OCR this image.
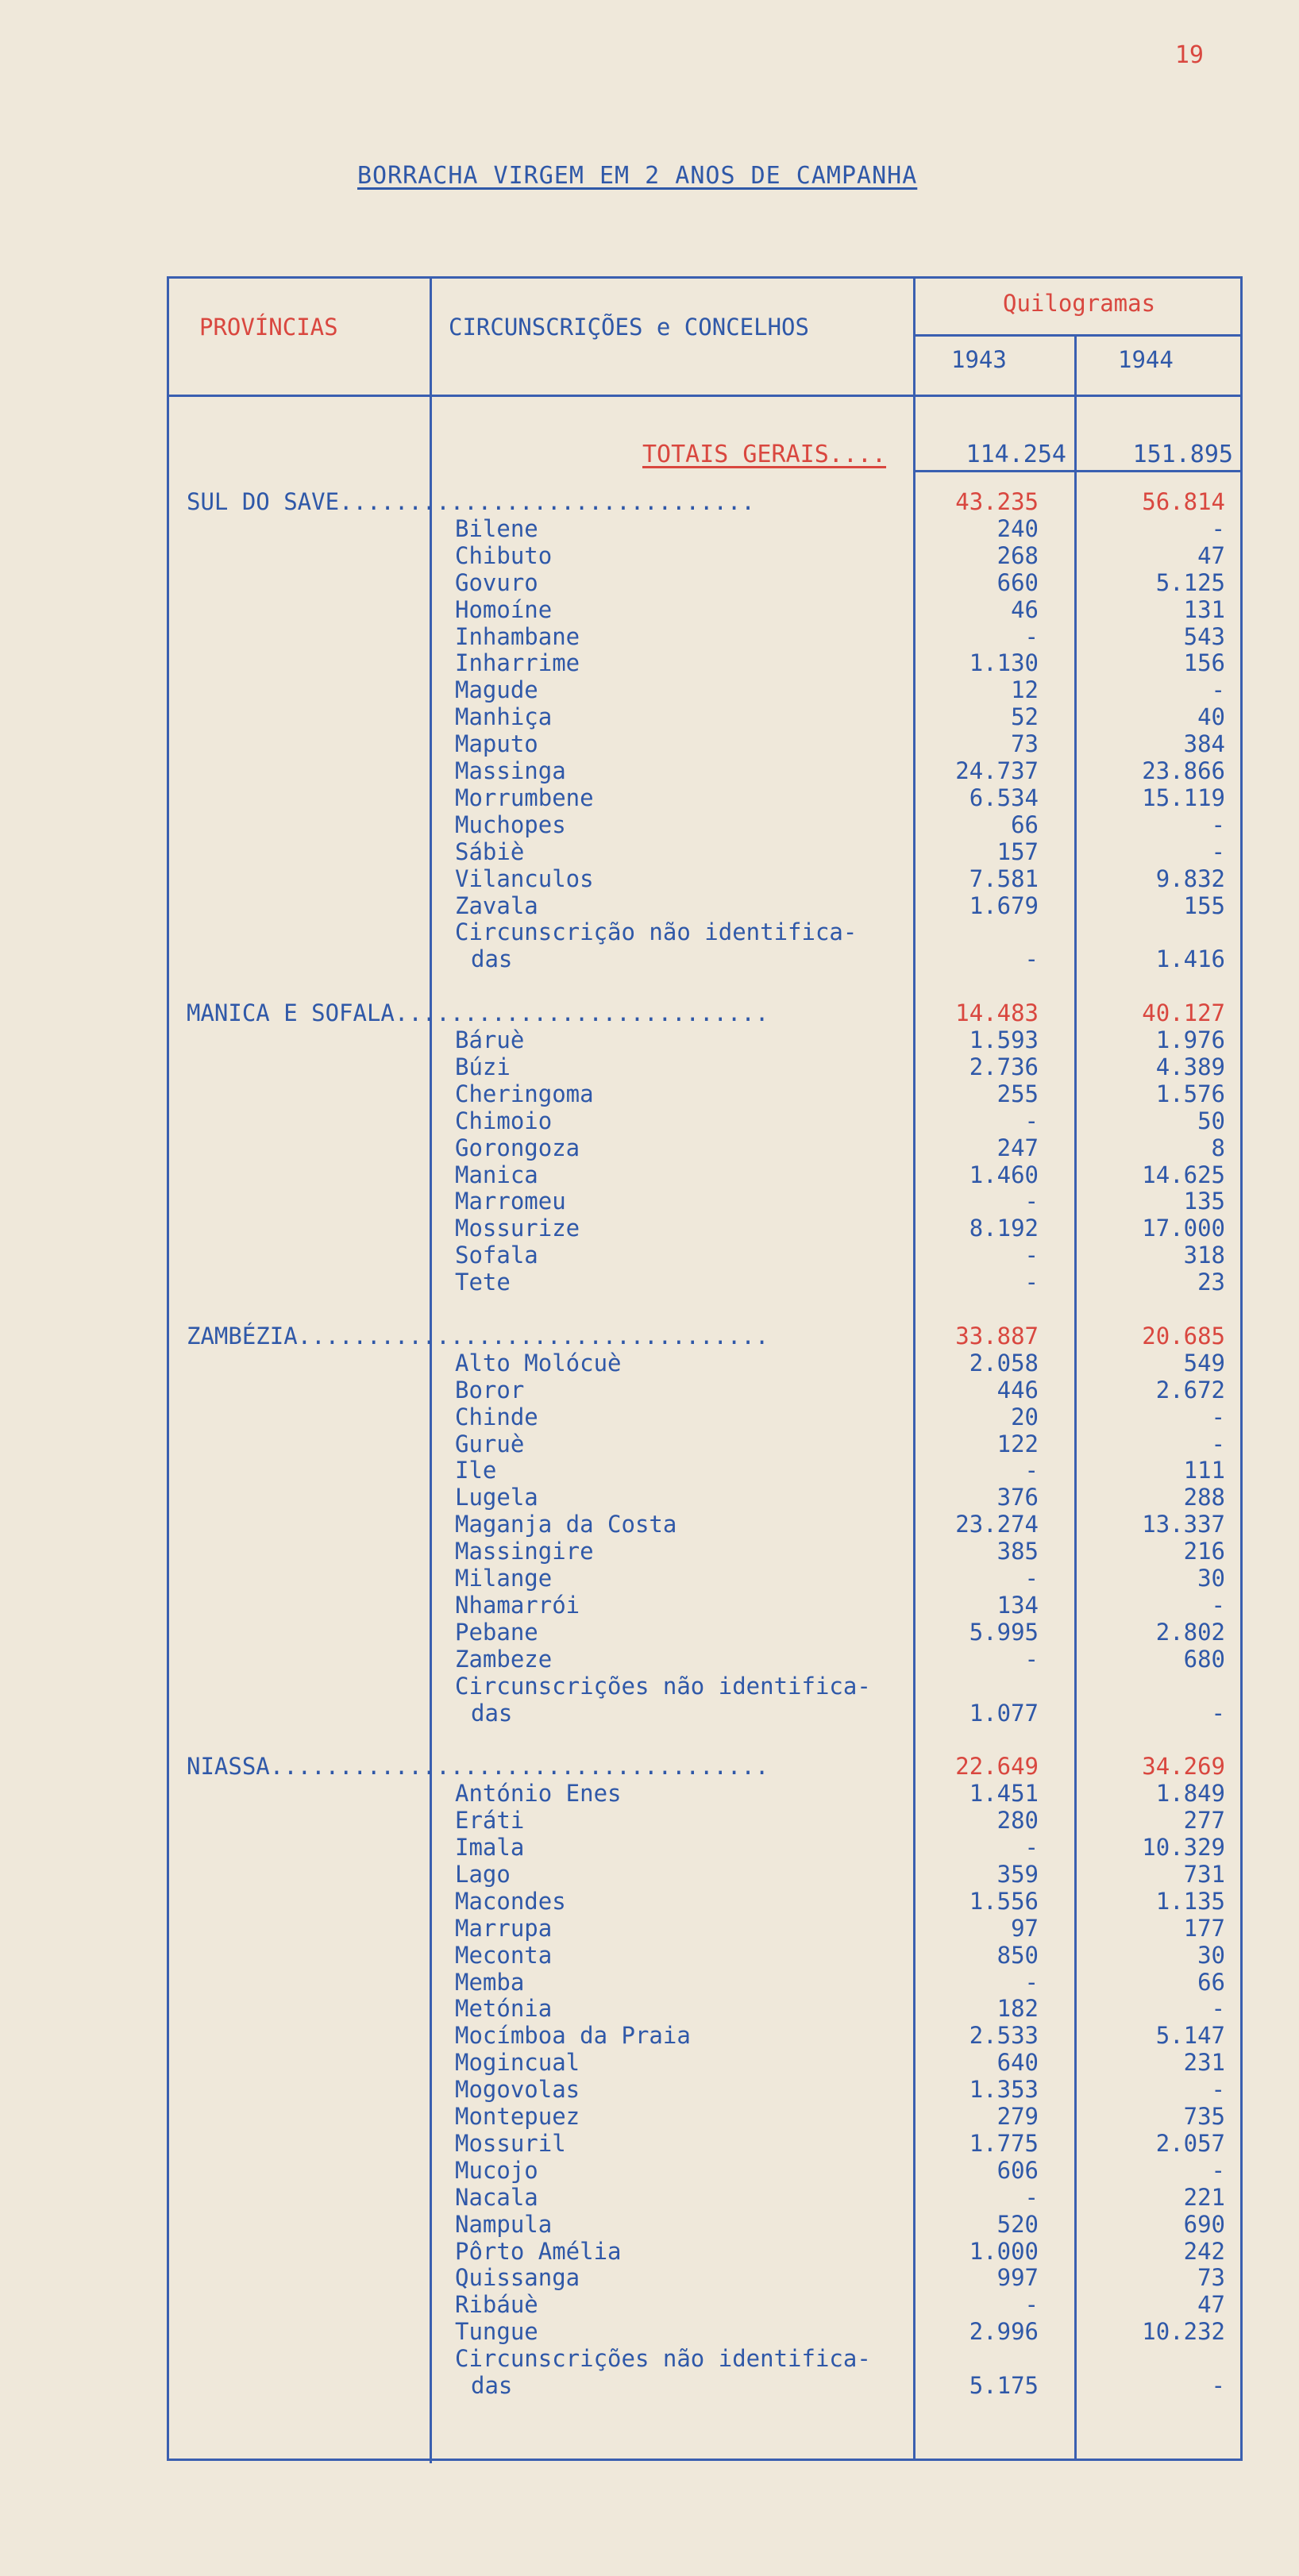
19
BORRACHA VIRGEM EM 2 ANOS DE CAMPANHA
PROVÍNCIAS	CIRCUNSCRIÇÕES e CONCELHOS
Quilogramas
1943	1944
TOTAIS GERAIS....	114.254	151.895
SUL DO SAVE..............................	43.235	56.814
Bilene	240	-
Chibuto	268	47
Govuro	660	5.125
Homoíne	46	131
Inhambane	-	543
Inharrime	1.130	156
Magude	12	-
Manhiça	52	40
Maputo	73	384
Massinga	24.737	23.866
Morrumbene	6.534	15.119
Muchopes	66	-
Sábiè	157	-
Vilanculos	7.581	9.832
Zavala	1.679	155
Circunscrição não identifica-
das	-	1.416
MANICA E SOFALA...........................	14.483	40.127
Báruè	1.593	1.976
Búzi	2.736	4.389
Cheringoma	255	1.576
Chimoio	-	50
Gorongoza	247	8
Manica	1.460	14.625
Marromeu	-	135
Mossurize	8.192	17.000
Sofala	-	318
Tete	-	23
ZAMBÉZIA..................................	33.887	20.685
Alto Molócuè	2.058	549
Boror	446	2.672
Chinde	20	-
Guruè	122	-
Ile	-	111
Lugela	376	288
Maganja da Costa	23.274	13.337
Massingire	385	216
Milange	-	30
Nhamarrói	134	-
Pebane	5.995	2.802
Zambeze	-	680
Circunscrições não identifica-
das	1.077	-
NIASSA....................................	22.649	34.269
António Enes	1.451	1.849
Eráti	280	277
Imala	-	10.329
Lago	359	731
Macondes	1.556	1.135
Marrupa	97	177
Meconta	850	30
Memba	-	66
Metónia	182	-
Mocímboa da Praia	2.533	5.147
Mogincual	640	231
Mogovolas	1.353	-
Montepuez	279	735
Mossuril	1.775	2.057
Mucojo	606	-
Nacala	-	221
Nampula	520	690
Pôrto Amélia	1.000	242
Quissanga	997	73
Ribáuè	-	47
Tungue	2.996	10.232
Circunscrições não identifica-
das	5.175	-
